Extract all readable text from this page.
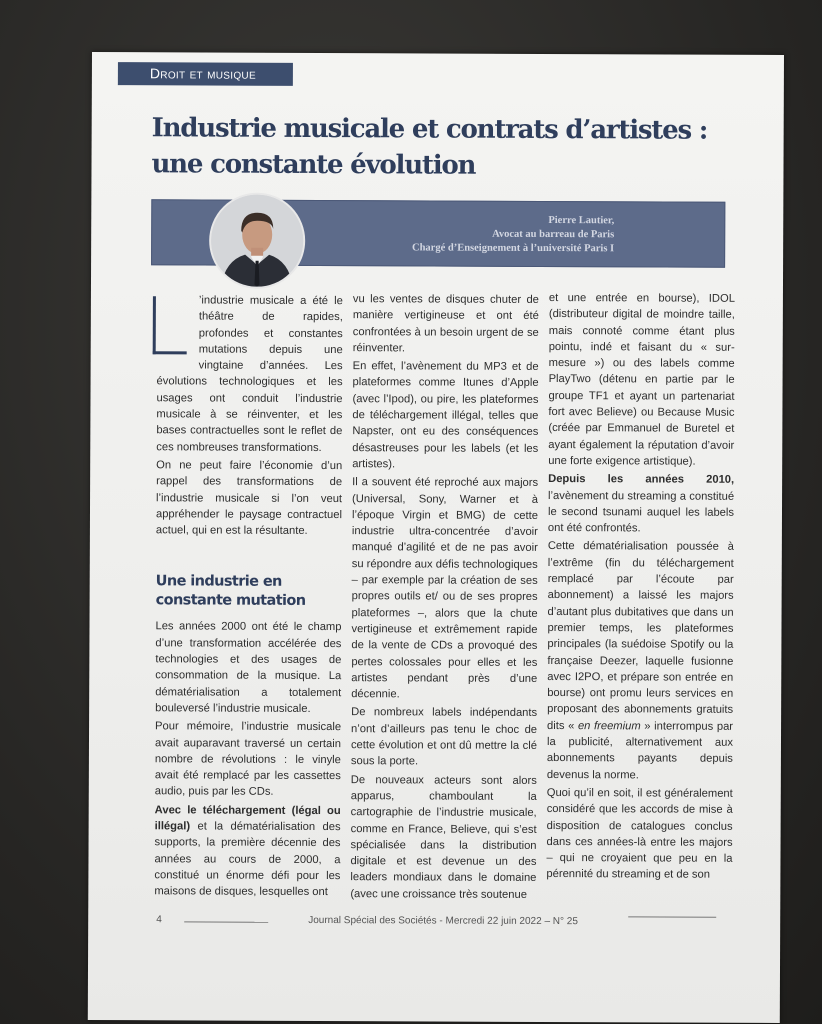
Droit et musique
Industrie musicale et contrats d’artistes :
une constante évolution
Pierre Lautier,
Avocat au barreau de Paris
Chargé d’Enseignement à l’université Paris I

’industrie musicale a été le théâtre de rapides, profondes et constantes mutations depuis une vingtaine d’années. Les évolutions technologiques et les usages ont conduit l’industrie musicale à se réinventer, et les bases contractuelles sont le reflet de ces nombreuses transformations.

On ne peut faire l’économie d’un rappel des transformations de l’industrie musicale si l’on veut appréhender le paysage contractuel actuel, qui en est la résultante.

Une industrie en constante mutation

Les années 2000 ont été le champ d’une transformation accélérée des technologies et des usages de consommation de la musique. La dématérialisation a totalement bouleversé l’industrie musicale.

Pour mémoire, l’industrie musicale avait auparavant traversé un certain nombre de révolutions : le vinyle avait été remplacé par les cassettes audio, puis par les CDs.

Avec le téléchargement (légal ou illégal) et la dématérialisation des supports, la première décennie des années au cours de 2000, a constitué un énorme défi pour les maisons de disques, lesquelles ont

vu les ventes de disques chuter de manière vertigineuse et ont été confrontées à un besoin urgent de se réinventer.

En effet, l’avènement du MP3 et de plateformes comme Itunes d’Apple (avec l’Ipod), ou pire, les plateformes de téléchargement illégal, telles que Napster, ont eu des conséquences désastreuses pour les labels (et les artistes).

Il a souvent été reproché aux majors (Universal, Sony, Warner et à l’époque Virgin et BMG) de cette industrie ultra-concentrée d’avoir manqué d’agilité et de ne pas avoir su répondre aux défis technologiques – par exemple par la création de ses propres outils et/ ou de ses propres plateformes –, alors que la chute vertigineuse et extrêmement rapide de la vente de CDs a provoqué des pertes colossales pour elles et les artistes pendant près d’une décennie.

De nombreux labels indépendants n’ont d’ailleurs pas tenu le choc de cette évolution et ont dû mettre la clé sous la porte.

De nouveaux acteurs sont alors apparus, chamboulant la cartographie de l’industrie musicale, comme en France, Believe, qui s’est spécialisée dans la distribution digitale et est devenue un des leaders mondiaux dans le domaine (avec une croissance très soutenue

et une entrée en bourse), IDOL (distributeur digital de moindre taille, mais connoté comme étant plus pointu, indé et faisant du « sur-mesure ») ou des labels comme PlayTwo (détenu en partie par le groupe TF1 et ayant un partenariat fort avec Believe) ou Because Music (créée par Emmanuel de Buretel et ayant également la réputation d’avoir une forte exigence artistique).

Depuis les années 2010, l’avènement du streaming a constitué le second tsunami auquel les labels ont été confrontés.

Cette dématérialisation poussée à l’extrême (fin du téléchargement remplacé par l’écoute par abonnement) a laissé les majors d’autant plus dubitatives que dans un premier temps, les plateformes principales (la suédoise Spotify ou la française Deezer, laquelle fusionne avec I2PO, et prépare son entrée en bourse) ont promu leurs services en proposant des abonnements gratuits dits « en freemium » interrompus par la publicité, alternativement aux abonnements payants depuis devenus la norme.

Quoi qu’il en soit, il est généralement considéré que les accords de mise à disposition de catalogues conclus dans ces années-là entre les majors – qui ne croyaient que peu en la pérennité du streaming et de son

4	Journal Spécial des Sociétés - Mercredi 22 juin 2022 – N° 25
